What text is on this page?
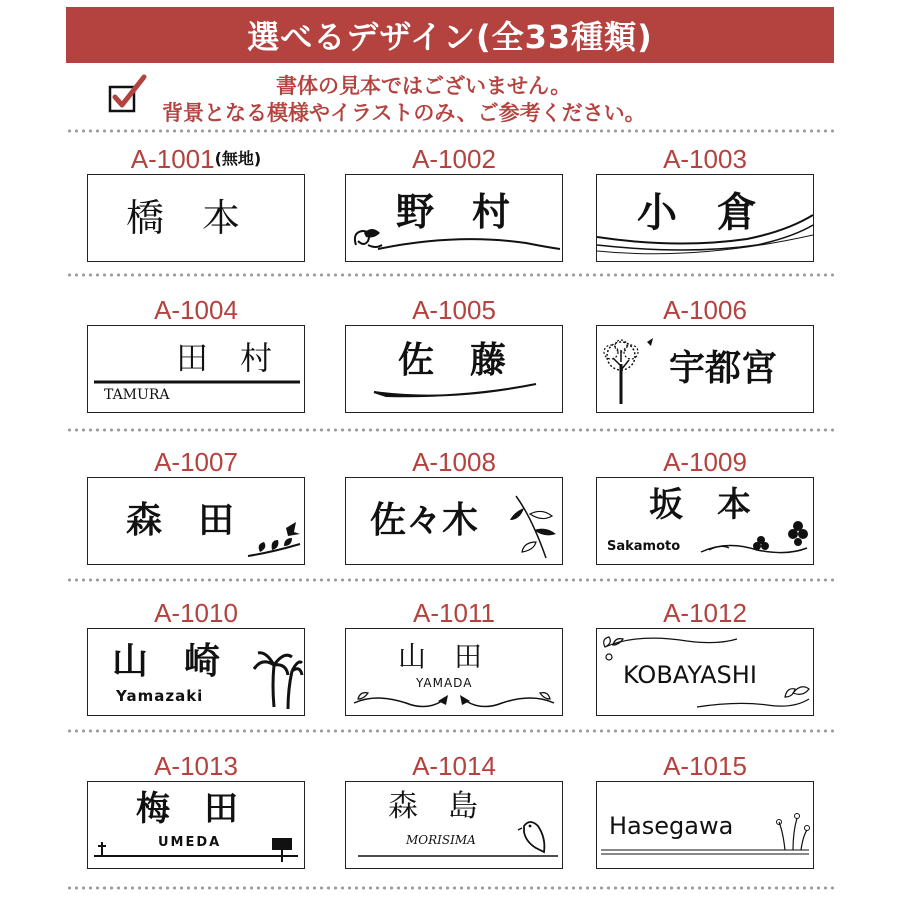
選べるデザイン(全33種類)
書体の見本ではございません。
背景となる模様やイラストのみ、ご参考ください。
A-1001(無地)
橋　本
A-1002
野　村
A-1003
小　倉
A-1004
田　村
TAMURA
A-1005
佐　藤
A-1006
宇都宮
A-1007
森　田
A-1008
佐々木
A-1009
坂　本
Sakamoto
A-1010
山　崎
Yamazaki
A-1011
山　田
YAMADA
A-1012
KOBAYASHI
A-1013
梅　田
UMEDA
A-1014
森　島
MORISIMA
A-1015
Hasegawa
